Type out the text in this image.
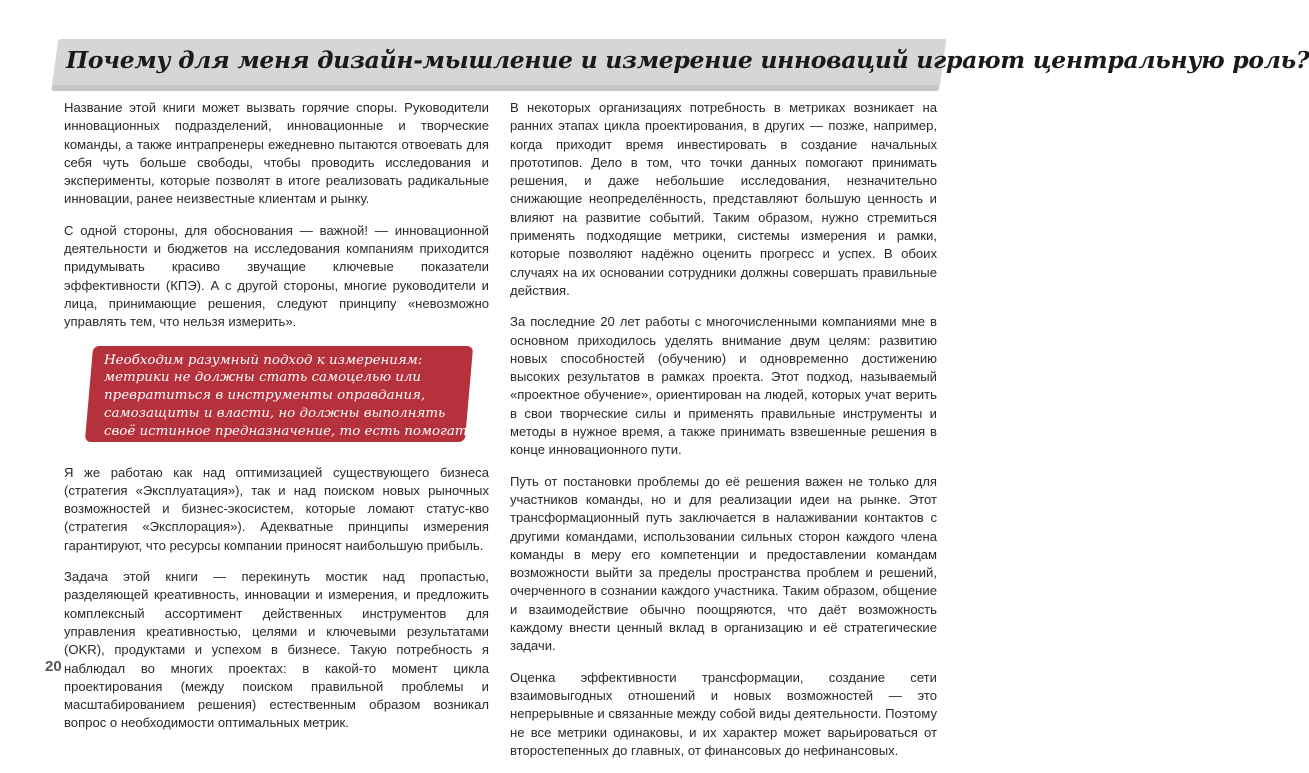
Почему для меня дизайн-мышление и измерение инноваций играют центральную роль?

Название этой книги может вызвать горячие споры. Руководители инновационных подразделений, инновационные и творческие команды, а также интрапренеры ежедневно пытаются отвоевать для себя чуть больше свободы, чтобы проводить исследования и эксперименты, которые позволят в итоге реализовать радикальные инновации, ранее неизвестные клиентам и рынку.

С одной стороны, для обоснования — важной! — инновационной деятельности и бюджетов на исследования компаниям приходится придумывать красиво звучащие ключевые показатели эффективности (КПЭ). А с другой стороны, многие руководители и лица, принимающие решения, следуют принципу «невозможно управлять тем, что нельзя измерить».

Необходим разумный подход к измерениям: метрики не должны стать самоцелью или превратиться в инструменты оправдания, самозащиты и власти, но должны выполнять своё истинное предназначение, то есть помогать вдумчиво определять направление.

Я же работаю как над оптимизацией существующего бизнеса (стратегия «Эксплуатация»), так и над поиском новых рыночных возможностей и бизнес-экосистем, которые ломают статус-кво (стратегия «Эксплорация»). Адекватные принципы измерения гарантируют, что ресурсы компании приносят наибольшую прибыль.

Задача этой книги — перекинуть мостик над пропастью, разделяющей креативность, инновации и измерения, и предложить комплексный ассортимент действенных инструментов для управления креативностью, целями и ключевыми результатами (OKR), продуктами и успехом в бизнесе. Такую потребность я наблюдал во многих проектах: в какой-то момент цикла проектирования (между поиском правильной проблемы и масштабированием решения) естественным образом возникал вопрос о необходимости оптимальных метрик.

В некоторых организациях потребность в метриках возникает на ранних этапах цикла проектирования, в других — позже, например, когда приходит время инвестировать в создание начальных прототипов. Дело в том, что точки данных помогают принимать решения, и даже небольшие исследования, незначительно снижающие неопределённость, представляют большую ценность и влияют на развитие событий. Таким образом, нужно стремиться применять подходящие метрики, системы измерения и рамки, которые позволяют надёжно оценить прогресс и успех. В обоих случаях на их основании сотрудники должны совершать правильные действия.

За последние 20 лет работы с многочисленными компаниями мне в основном приходилось уделять внимание двум целям: развитию новых способностей (обучению) и одновременно достижению высоких результатов в рамках проекта. Этот подход, называемый «проектное обучение», ориентирован на людей, которых учат верить в свои творческие силы и применять правильные инструменты и методы в нужное время, а также принимать взвешенные решения в конце инновационного пути.

Путь от постановки проблемы до её решения важен не только для участников команды, но и для реализации идеи на рынке. Этот трансформационный путь заключается в налаживании контактов с другими командами, использовании сильных сторон каждого члена команды в меру его компетенции и предоставлении командам возможности выйти за пределы пространства проблем и решений, очерченного в сознании каждого участника. Таким образом, общение и взаимодействие обычно поощряются, что даёт возможность каждому внести ценный вклад в организацию и её стратегические задачи.

Оценка эффективности трансформации, создание сети взаимовыгодных отношений и новых возможностей — это непрерывные и связанные между собой виды деятельности. Поэтому не все метрики одинаковы, и их характер может варьироваться от второстепенных до главных, от финансовых до нефинансовых.

20
